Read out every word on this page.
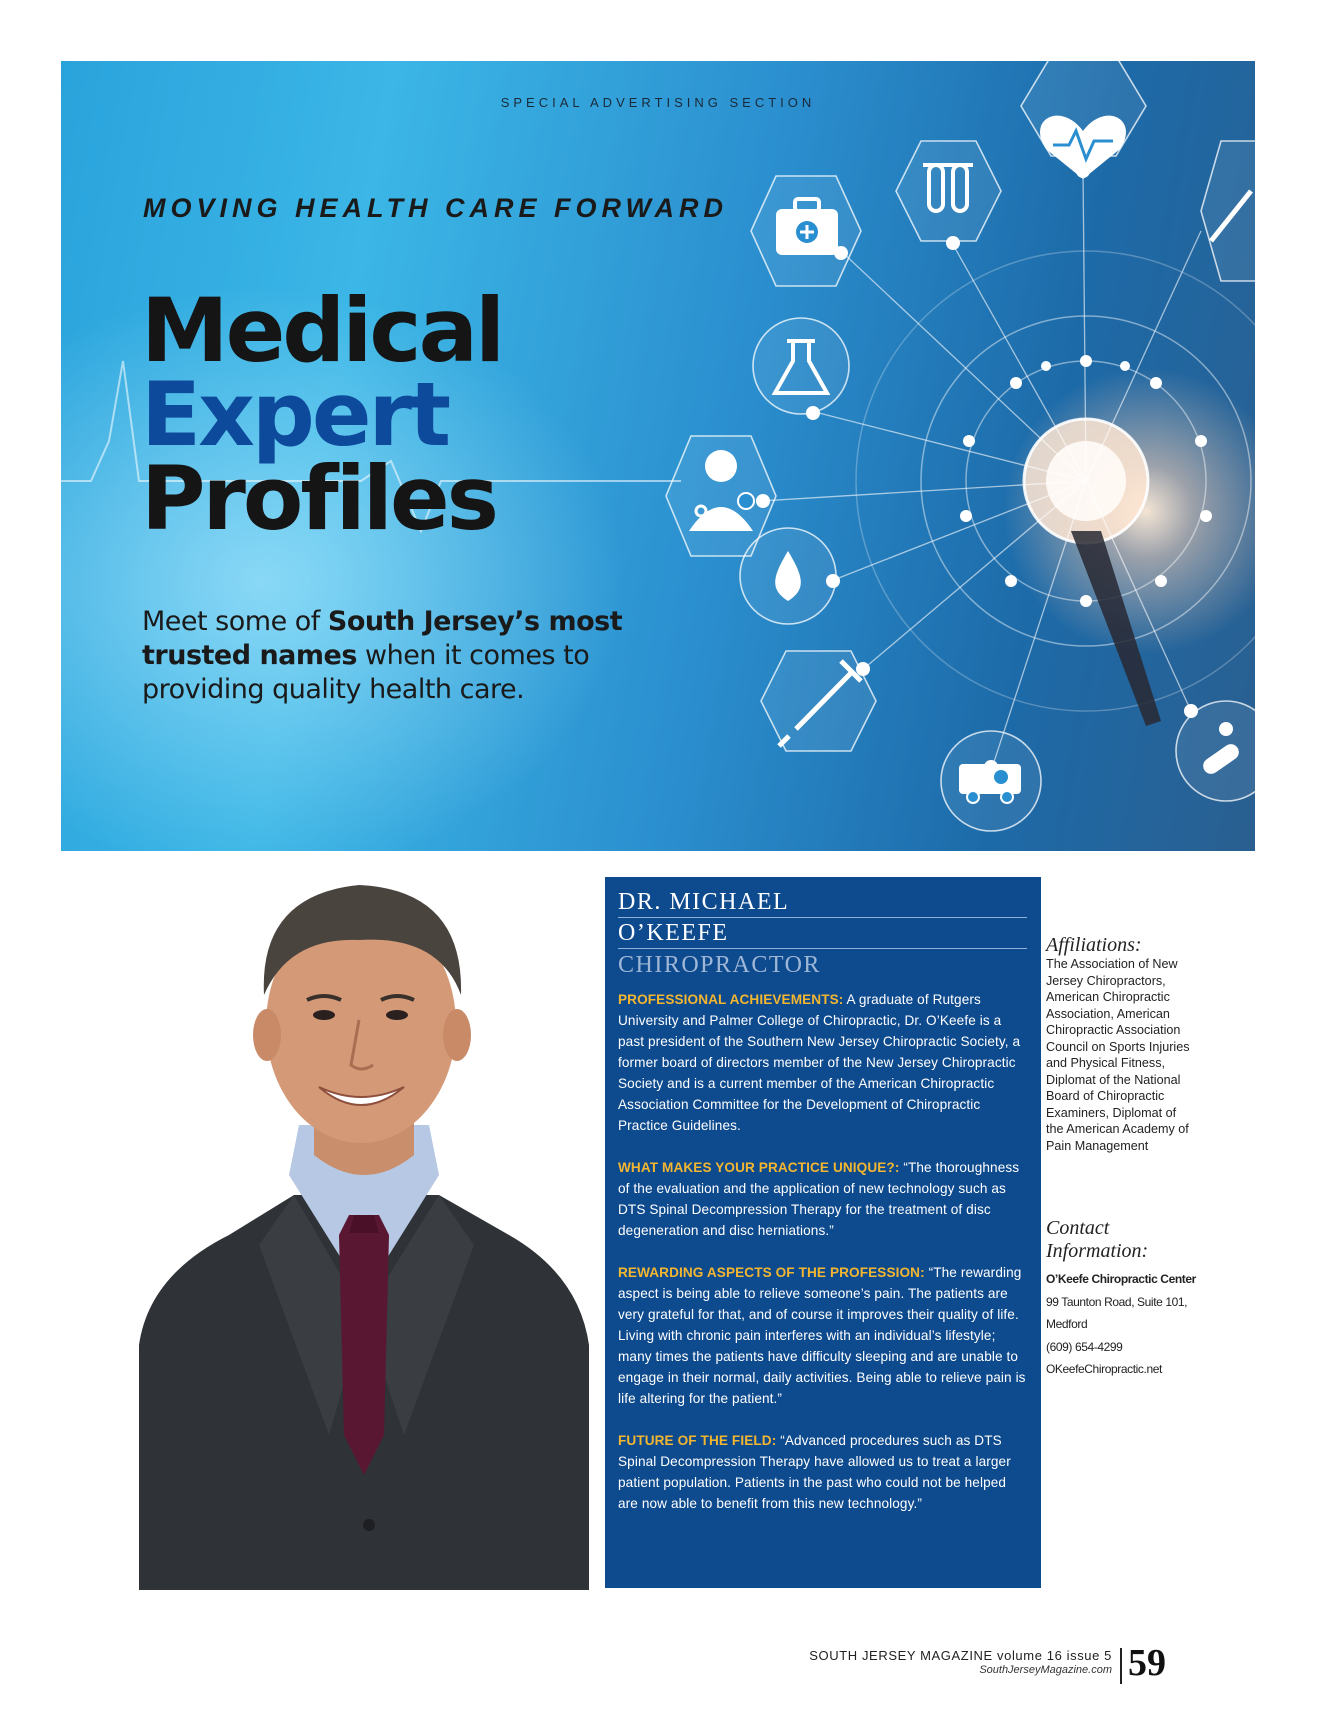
SPECIAL ADVERTISING SECTION
MOVING HEALTH CARE FORWARD
Medical
Expert
Profiles
Meet some of South Jersey’s most trusted names when it comes to providing quality health care.
DR. MICHAEL
O’KEEFE
CHIROPRACTOR

PROFESSIONAL ACHIEVEMENTS: A graduate of Rutgers University and Palmer College of Chiropractic, Dr. O’Keefe is a past president of the Southern New Jersey Chiropractic Society, a former board of directors member of the New Jersey Chiropractic Society and is a current member of the American Chiropractic Association Committee for the Development of Chiropractic Practice Guidelines.

WHAT MAKES YOUR PRACTICE UNIQUE?: “The thoroughness of the evaluation and the application of new technology such as DTS Spinal Decompression Therapy for the treatment of disc degeneration and disc herniations.”

REWARDING ASPECTS OF THE PROFESSION: “The rewarding aspect is being able to relieve someone’s pain. The patients are very grateful for that, and of course it improves their quality of life. Living with chronic pain interferes with an individual’s lifestyle; many times the patients have difficulty sleeping and are unable to engage in their normal, daily activities. Being able to relieve pain is life altering for the patient.”

FUTURE OF THE FIELD: “Advanced procedures such as DTS Spinal Decompression Therapy have allowed us to treat a larger patient population. Patients in the past who could not be helped are now able to benefit from this new technology.”

Affiliations:
The Association of New Jersey Chiropractors, American Chiropractic Association, American Chiropractic Association Council on Sports Injuries and Physical Fitness, Diplomat of the National Board of Chiropractic Examiners, Diplomat of the American Academy of Pain Management
Contact
Information:
O’Keefe Chiropractic Center
99 Taunton Road, Suite 101,
Medford
(609) 654-4299
OKeefeChiropractic.net
SOUTH JERSEY MAGAZINE volume 16 issue 5
SouthJerseyMagazine.com 59
